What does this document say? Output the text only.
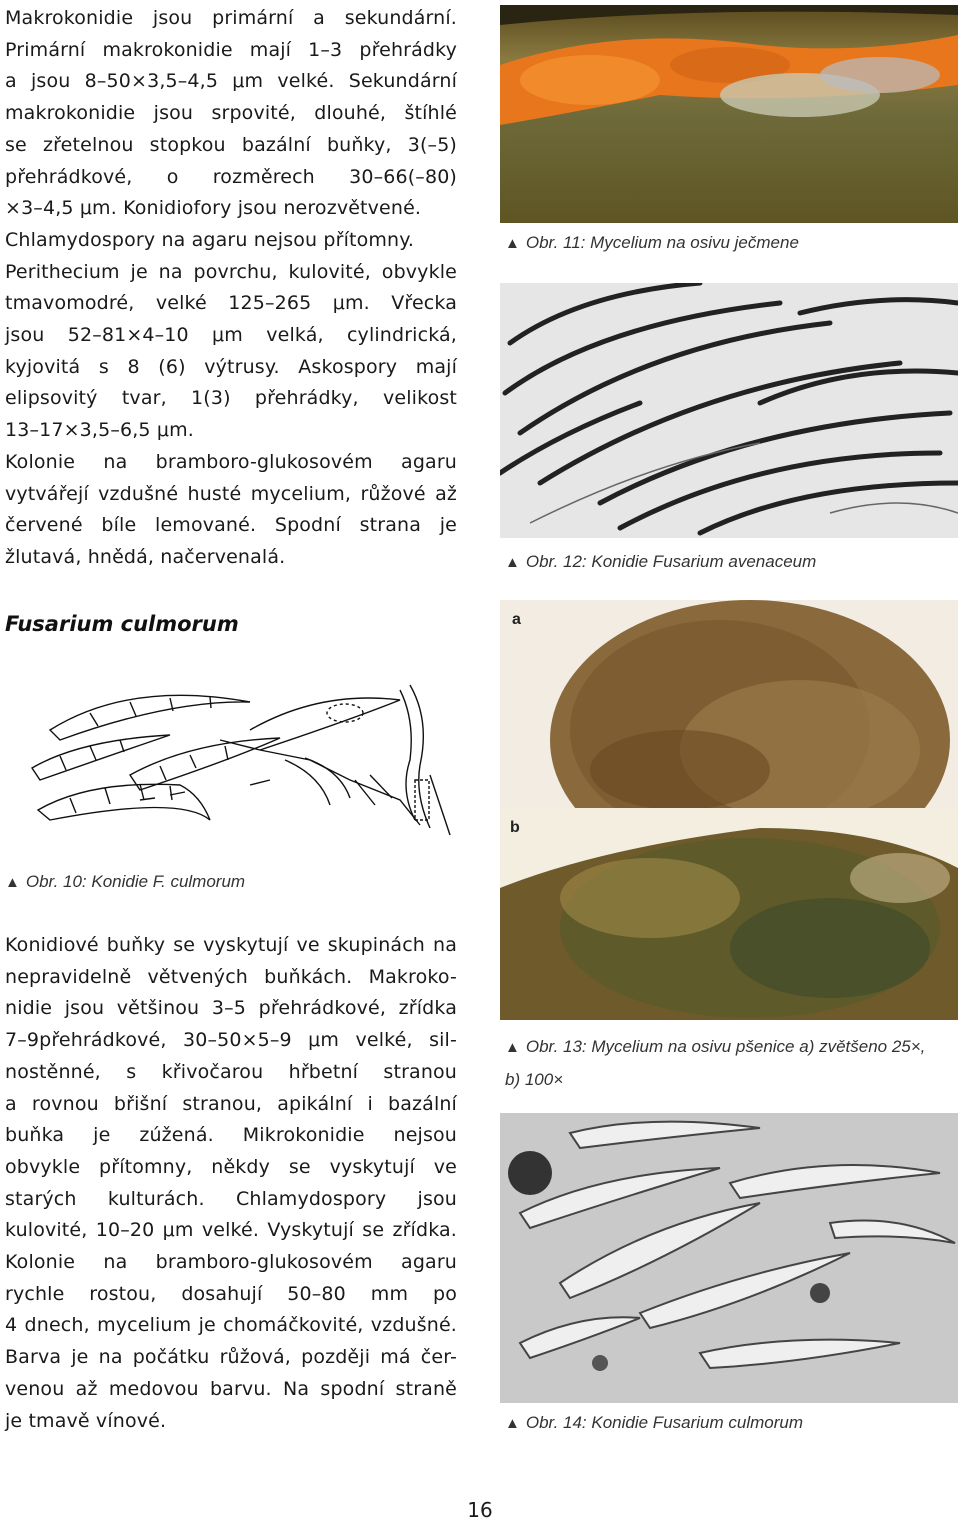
Makrokonidie jsou primární a sekundární.
Primární makrokonidie mají 1–3 přehrádky
a jsou 8–50×3,5–4,5 μm velké. Sekundární
makrokonidie jsou srpovité, dlouhé, štíhlé
se zřetelnou stopkou bazální buňky, 3(–5)
přehrádkové, o rozměrech 30–66(–80)
×3–4,5 μm. Konidiofory jsou nerozvětvené.
Chlamydospory na agaru nejsou přítomny.
Perithecium je na povrchu, kulovité, obvykle
tmavomodré, velké 125–265 μm. Vřecka
jsou 52–81×4–10 μm velká, cylindrická,
kyjovitá s 8 (6) výtrusy. Askospory mají
elipsovitý tvar, 1(3) přehrádky, velikost
13–17×3,5–6,5 μm.
Kolonie na bramboro-glukosovém agaru
vytvářejí vzdušné husté mycelium, růžové až
červené bíle lemované. Spodní strana je
žlutavá, hnědá, načervenalá.

Fusarium culmorum
▲ Obr. 10: Konidie F. culmorum

Konidiové buňky se vyskytují ve skupinách na
nepravidelně větvených buňkách. Makroko-
nidie jsou většinou 3–5 přehrádkové, zřídka
7–9přehrádkové, 30–50×5–9 μm velké, sil-
nostěnné, s křivočarou hřbetní stranou
a rovnou břišní stranou, apikální i bazální
buňka je zúžená. Mikrokonidie nejsou
obvykle přítomny, někdy se vyskytují ve
starých kulturách. Chlamydospory jsou
kulovité, 10–20 μm velké. Vyskytují se zřídka.
Kolonie na bramboro-glukosovém agaru
rychle rostou, dosahují 50–80 mm po
4 dnech, mycelium je chomáčkovité, vzdušné.
Barva je na počátku růžová, později má čer-
venou až medovou barvu. Na spodní straně
je tmavě vínové.

▲ Obr. 11: Mycelium na osivu ječmene
▲ Obr. 12: Konidie Fusarium avenaceum
a
b
▲ Obr. 13: Mycelium na osivu pšenice a) zvětšeno 25×,
b) 100×
▲ Obr. 14: Konidie Fusarium culmorum
16
